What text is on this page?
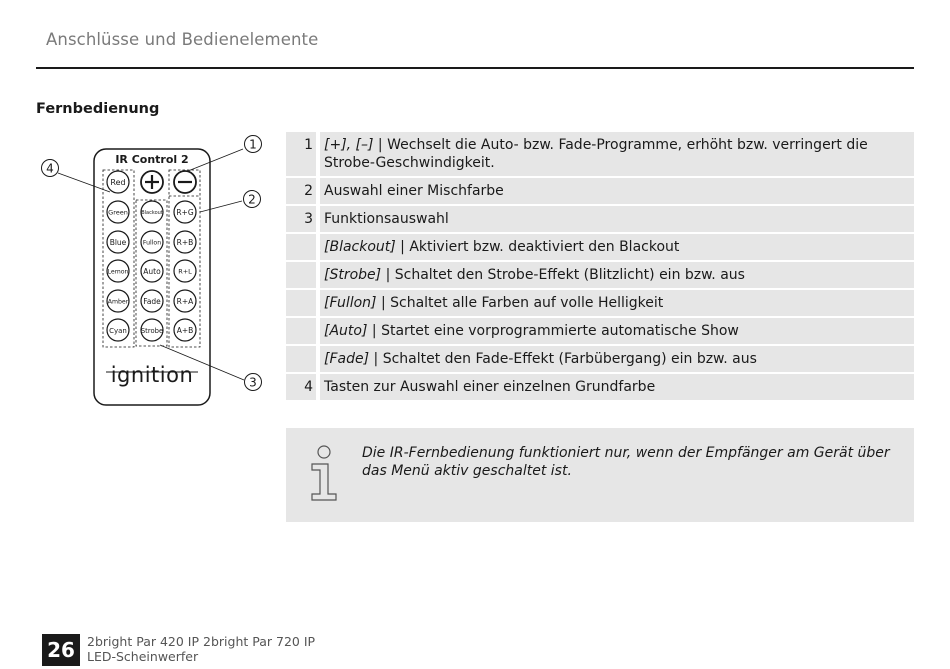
Anschlüsse und Bedienelemente
Fernbedienung
IR Control 2
Red
Green
Blue
Lemon
Amber
Cyan
Blackout
Fullon
Auto
Fade
Strobe
R+G
R+B
R+L
R+A
A+B
ignition
1
2
3
4
1 [+], [–] | Wechselt die Auto- bzw. Fade-Programme, erhöht bzw. verringert die Strobe-Geschwindigkeit.
2 Auswahl einer Mischfarbe
3 Funktionsauswahl
[Blackout] | Aktiviert bzw. deaktiviert den Blackout
[Strobe] | Schaltet den Strobe-Effekt (Blitzlicht) ein bzw. aus
[Fullon] | Schaltet alle Farben auf volle Helligkeit
[Auto] | Startet eine vorprogrammierte automatische Show
[Fade] | Schaltet den Fade-Effekt (Farbübergang) ein bzw. aus
4 Tasten zur Auswahl einer einzelnen Grundfarbe
Die IR-Fernbedienung funktioniert nur, wenn der Empfänger am Gerät über das Menü aktiv geschaltet ist.
26 2bright Par 420 IP 2bright Par 720 IP
LED-Scheinwerfer
